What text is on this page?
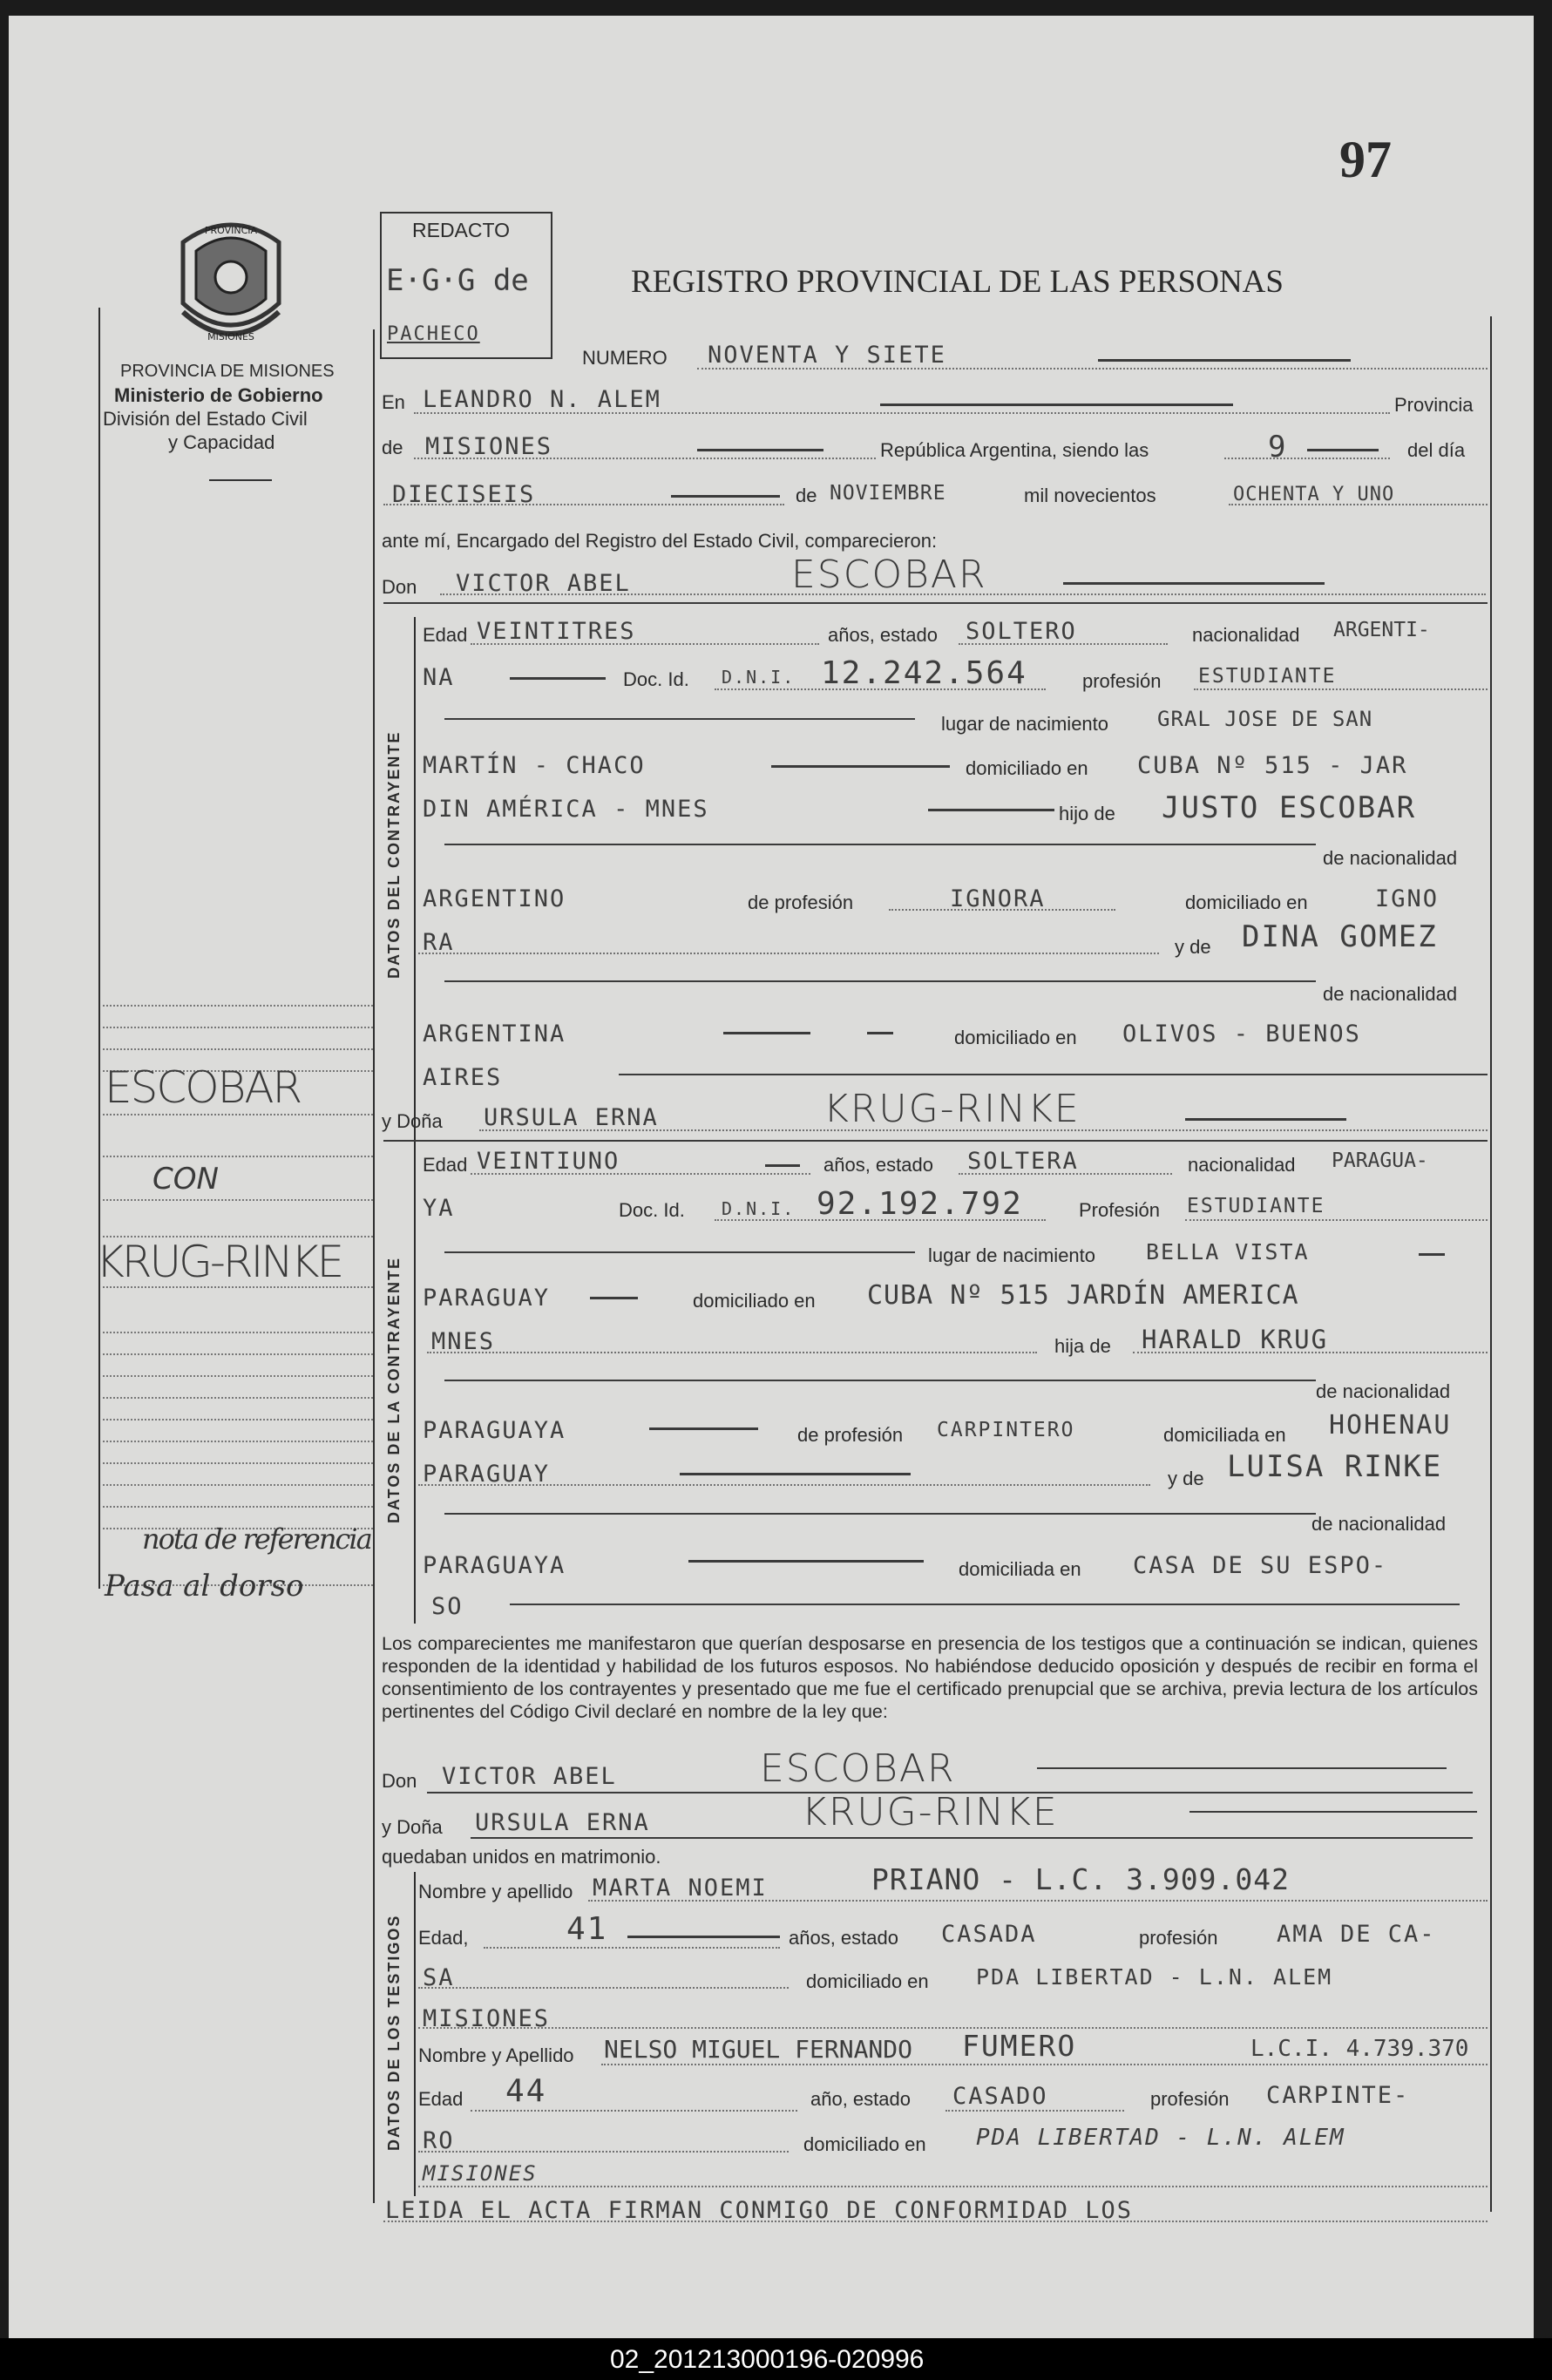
97
PROVINCIA
MISIONES
PROVINCIA DE MISIONES
Ministerio de Gobierno
División del Estado Civil
y Capacidad
REDACTO
E·G·G de
PACHECO
REGISTRO PROVINCIAL DE LAS PERSONAS
NUMERO NOVENTA Y SIETE
En LEANDRO N. ALEM	Provincia
de MISIONES	República Argentina, siendo las	9	del día
DIECISEIS	de NOVIEMBRE	mil novecientos	OCHENTA Y UNO
ante mí, Encargado del Registro del Estado Civil, comparecieron:
Don VICTOR ABEL	ESCOBAR
DATOS DEL CONTRAYENTE
Edad VEINTITRES	años, estado SOLTERO	nacionalidad ARGENTI-
NA	Doc. Id. D.N.I. 12.242.564	profesión ESTUDIANTE
lugar de nacimiento GRAL JOSE DE SAN
MARTÍN - CHACO	domiciliado en CUBA Nº 515 - JAR
DIN AMÉRICA - MNES	hijo de JUSTO ESCOBAR
de nacionalidad
ARGENTINO	de profesión	IGNORA	domiciliado en	IGNO
RA	y de DINA GOMEZ
de nacionalidad
ARGENTINA	domiciliado en OLIVOS - BUENOS
AIRES
y Doña URSULA ERNA	KRUG-RINKE
DATOS DE LA CONTRAYENTE
Edad VEINTIUNO	años, estado SOLTERA	nacionalidad PARAGUA-
YA	Doc. Id. D.N.I. 92.192.792	Profesión ESTUDIANTE
lugar de nacimiento BELLA VISTA
PARAGUAY	domiciliado en CUBA Nº 515 JARDÍN AMERICA
MNES	hija de HARALD KRUG
de nacionalidad
PARAGUAYA	de profesión CARPINTERO	domiciliada en HOHENAU
PARAGUAY	y de LUISA RINKE
de nacionalidad
PARAGUAYA	domiciliada en CASA DE SU ESPO-
SO
Los comparecientes me manifestaron que querían desposarse en presencia de los testigos que a continuación se indican, quienes responden de la identidad y habilidad de los futuros esposos. No habiéndose deducido oposición y después de recibir en forma el consentimiento de los contrayentes y presentado que me fue el certificado prenupcial que se archiva, previa lectura de los artículos pertinentes del Código Civil declaré en nombre de la ley que:
Don VICTOR ABEL	ESCOBAR
y Doña URSULA ERNA	KRUG-RINKE
quedaban unidos en matrimonio.
DATOS DE LOS TESTIGOS
Nombre y apellido MARTA NOEMI	PRIANO - L.C. 3.909.042
Edad,	41	años, estado CASADA	profesión AMA DE CA-
SA	domiciliado en PDA LIBERTAD - L.N. ALEM
MISIONES
Nombre y Apellido NELSO MIGUEL FERNANDO FUMERO	L.C.I. 4.739.370
Edad 44	año, estado CASADO	profesión CARPINTE-
RO	domiciliado en PDA LIBERTAD - L.N. ALEM
MISIONES
LEIDA EL ACTA FIRMAN CONMIGO DE CONFORMIDAD LOS
ESCOBAR
CON
KRUG-RINKE
nota de referencia
Pasa al dorso
02_201213000196-020996
